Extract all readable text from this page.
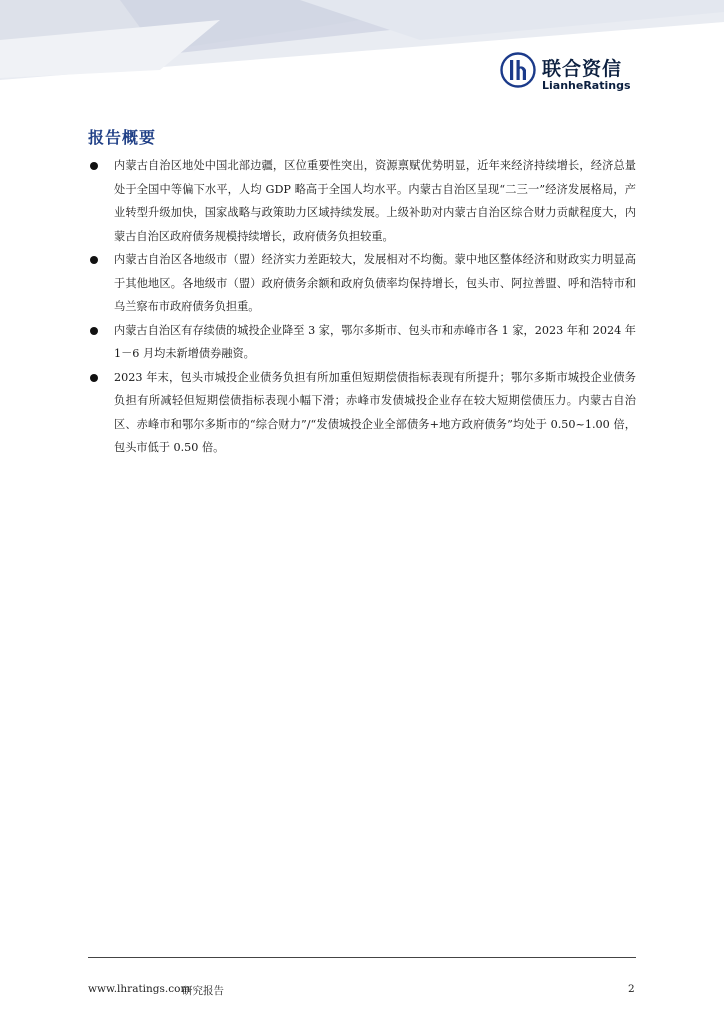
联合资信
LianheRatings
报告概要
内蒙古自治区地处中国北部边疆，区位重要性突出，资源禀赋优势明显，近年来经济持续增长，经济总量处于全国中等偏下水平，人均 GDP 略高于全国人均水平。内蒙古自治区呈现“二三一”经济发展格局，产业转型升级加快，国家战略与政策助力区域持续发展。上级补助对内蒙古自治区综合财力贡献程度大，内蒙古自治区政府债务规模持续增长，政府债务负担较重。
内蒙古自治区各地级市（盟）经济实力差距较大，发展相对不均衡。蒙中地区整体经济和财政实力明显高于其他地区。各地级市（盟）政府债务余额和政府负债率均保持增长，包头市、阿拉善盟、呼和浩特市和乌兰察布市政府债务负担重。
内蒙古自治区有存续债的城投企业降至 3 家，鄂尔多斯市、包头市和赤峰市各 1 家，2023 年和 2024 年 1－6 月均未新增债券融资。
2023 年末，包头市城投企业债务负担有所加重但短期偿债指标表现有所提升；鄂尔多斯市城投企业债务负担有所减轻但短期偿债指标表现小幅下滑；赤峰市发债城投企业存在较大短期偿债压力。内蒙古自治区、赤峰市和鄂尔多斯市的“综合财力”/“发债城投企业全部债务+地方政府债务”均处于 0.50~1.00 倍，包头市低于 0.50 倍。
www.lhratings.com
研究报告	2
